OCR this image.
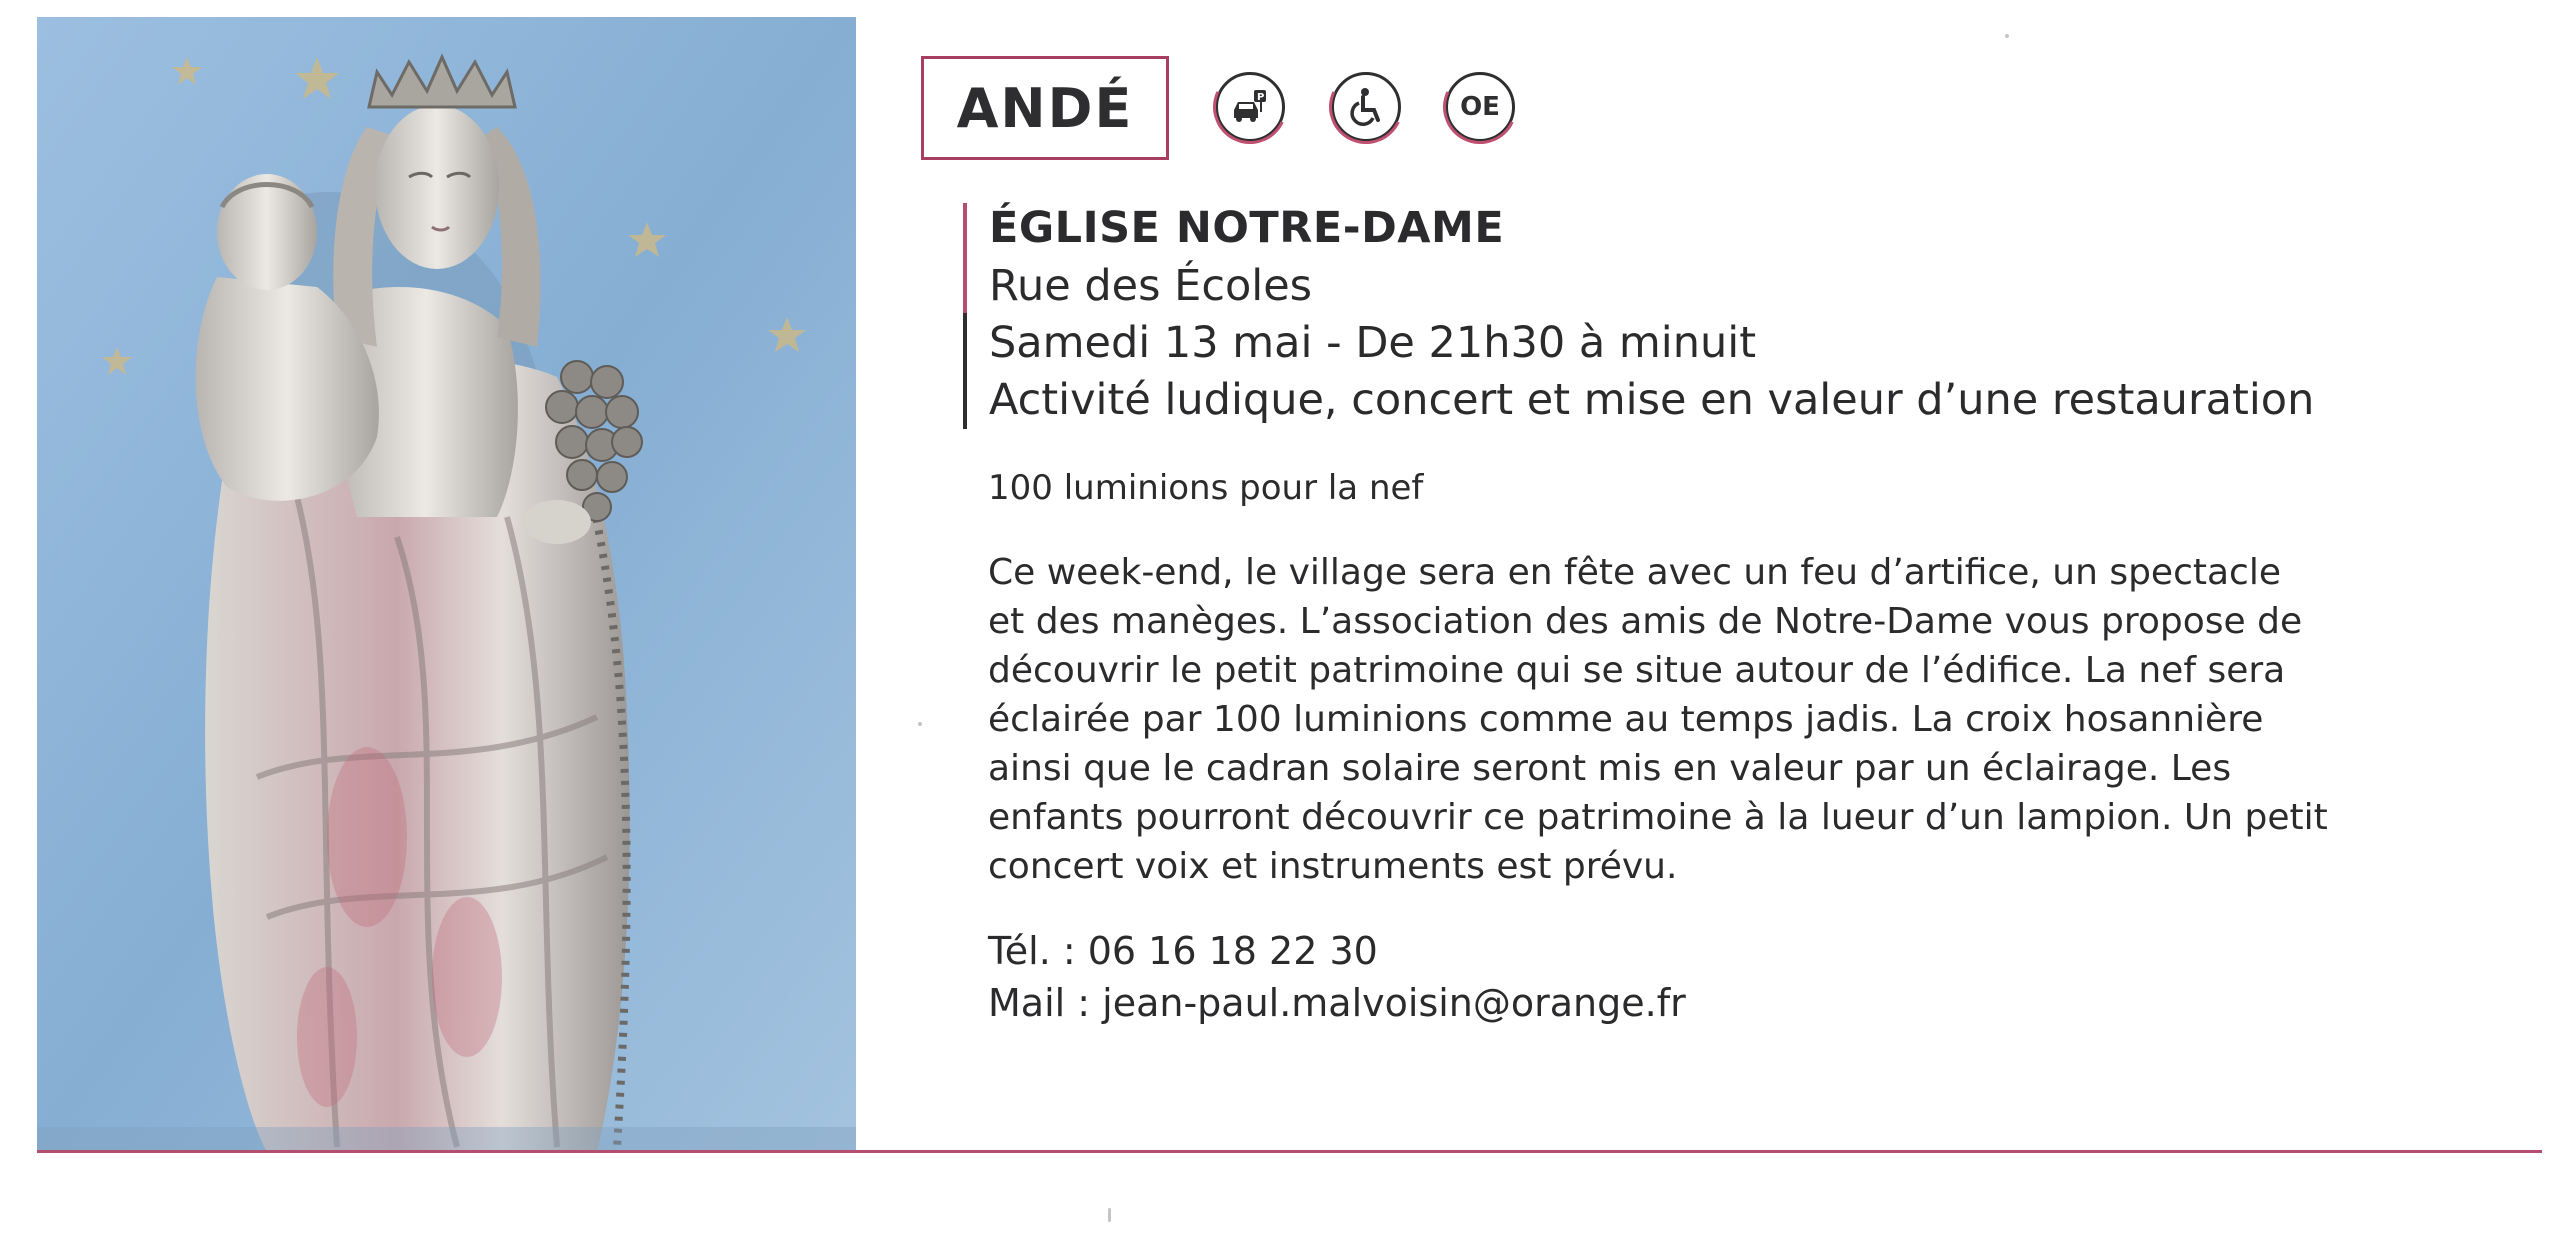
ANDÉ	P	OE
ÉGLISE NOTRE-DAME
Rue des Écoles
Samedi 13 mai - De 21h30 à minuit
Activité ludique, concert et mise en valeur d’une restauration
100 luminions pour la nef

Ce week-end, le village sera en fête avec un feu d’artifice, un spectacle
et des manèges. L’association des amis de Notre-Dame vous propose de
découvrir le petit patrimoine qui se situe autour de l’édifice. La nef sera
éclairée par 100 luminions comme au temps jadis. La croix hosannière
ainsi que le cadran solaire seront mis en valeur par un éclairage. Les
enfants pourront découvrir ce patrimoine à la lueur d’un lampion. Un petit
concert voix et instruments est prévu.

Tél. : 06 16 18 22 30
Mail : jean-paul.malvoisin@orange.fr
